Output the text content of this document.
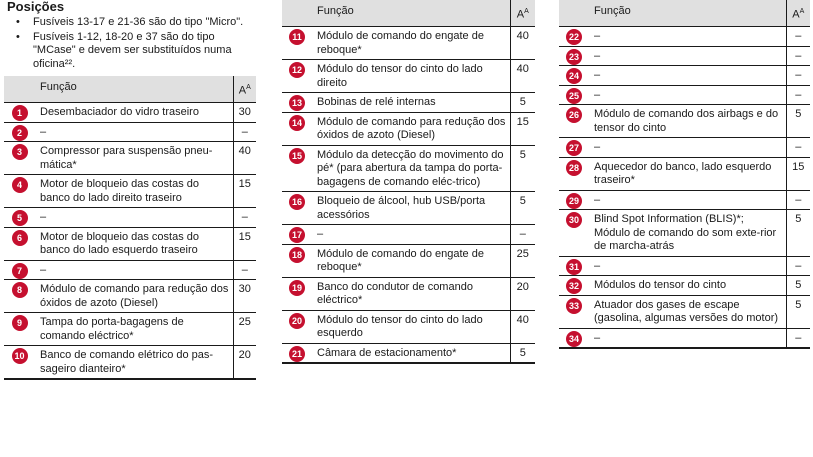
Posições
• Fusíveis 13-17 e 21-36 são do tipo "Micro".
• Fusíveis 1-12, 18-20 e 37 são do tipo "MCase" e devem ser substituídos numa oficina²².
	Função	$A^A$
1	Desembaciador do vidro traseiro	30
2	–	–
3	Compressor para suspensão pneu-mática*	40
4	Motor de bloqueio das costas do banco do lado direito traseiro	15
5	–	–
6	Motor de bloqueio das costas do banco do lado esquerdo traseiro	15
7	–	–
8	Módulo de comando para redução dos óxidos de azoto (Diesel)	30
9	Tampa do porta-bagagens de comando eléctrico*	25
10	Banco de comando elétrico do pas-sageiro dianteiro*	20
	Função	$A^A$
11	Módulo de comando do engate de reboque*	40
12	Módulo do tensor do cinto do lado direito	40
13	Bobinas de relé internas	5
14	Módulo de comando para redução dos óxidos de azoto (Diesel)	15
15	Módulo da detecção do movimento do pé* (para abertura da tampa do porta-bagagens de comando eléc-trico)	5
16	Bloqueio de álcool, hub USB/porta acessórios	5
17	–	–
18	Módulo de comando do engate de reboque*	25
19	Banco do condutor de comando eléctrico*	20
20	Módulo do tensor do cinto do lado esquerdo	40
21	Câmara de estacionamento*	5
	Função	$A^A$
22	–	–
23	–	–
24	–	–
25	–	–
26	Módulo de comando dos airbags e do tensor do cinto	5
27	–	–
28	Aquecedor do banco, lado esquerdo traseiro*	15
29	–	–
30	Blind Spot Information (BLIS)*; Módulo de comando do som exte-rior de marcha-atrás	5
31	–	–
32	Módulos do tensor do cinto	5
33	Atuador dos gases de escape (gasolina, algumas versões do motor)	5
34	–	–
